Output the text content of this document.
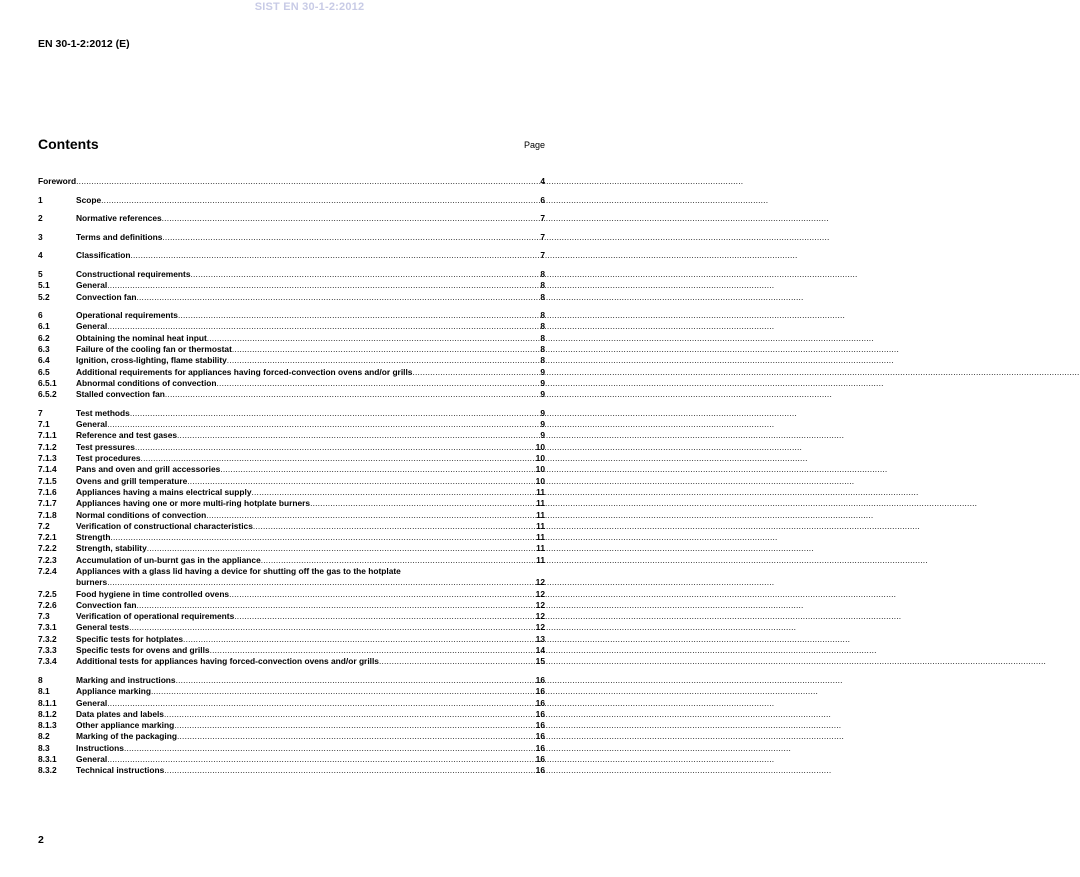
SIST EN 30-1-2:2012
EN 30-1-2:2012 (E)
Contents	Page
Foreword .....	4
1	Scope .....	6
2	Normative references .....	7
3	Terms and definitions .....	7
4	Classification .....	7
5	Constructional requirements .....	8
5.1	General .....	8
5.2	Convection fan .....	8
6	Operational requirements .....	8
6.1	General .....	8
6.2	Obtaining the nominal heat input .....	8
6.3	Failure of the cooling fan or thermostat .....	8
6.4	Ignition, cross-lighting, flame stability .....	8
6.5	Additional requirements for appliances having forced-convection ovens and/or grills .....	9
6.5.1	Abnormal conditions of convection .....	9
6.5.2	Stalled convection fan .....	9
7	Test methods .....	9
7.1	General .....	9
7.1.1	Reference and test gases .....	9
7.1.2	Test pressures .....	10
7.1.3	Test procedures .....	10
7.1.4	Pans and oven and grill accessories .....	10
7.1.5	Ovens and grill temperature .....	10
7.1.6	Appliances having a mains electrical supply .....	11
7.1.7	Appliances having one or more multi-ring hotplate burners .....	11
7.1.8	Normal conditions of convection .....	11
7.2	Verification of constructional characteristics .....	11
7.2.1	Strength .....	11
7.2.2	Strength, stability .....	11
7.2.3	Accumulation of un-burnt gas in the appliance .....	11
7.2.4	Appliances with a glass lid having a device for shutting off the gas to the hotplate
burners .....	12
7.2.5	Food hygiene in time controlled ovens .....	12
7.2.6	Convection fan .....	12
7.3	Verification of operational requirements .....	12
7.3.1	General tests .....	12
7.3.2	Specific tests for hotplates .....	13
7.3.3	Specific tests for ovens and grills .....	14
7.3.4	Additional tests for appliances having forced-convection ovens and/or grills .....	15
8	Marking and instructions .....	16
8.1	Appliance marking .....	16
8.1.1	General .....	16
8.1.2	Data plates and labels .....	16
8.1.3	Other appliance marking .....	16
8.2	Marking of the packaging .....	16
8.3	Instructions .....	16
8.3.1	General .....	16
8.3.2	Technical instructions .....	16
2
